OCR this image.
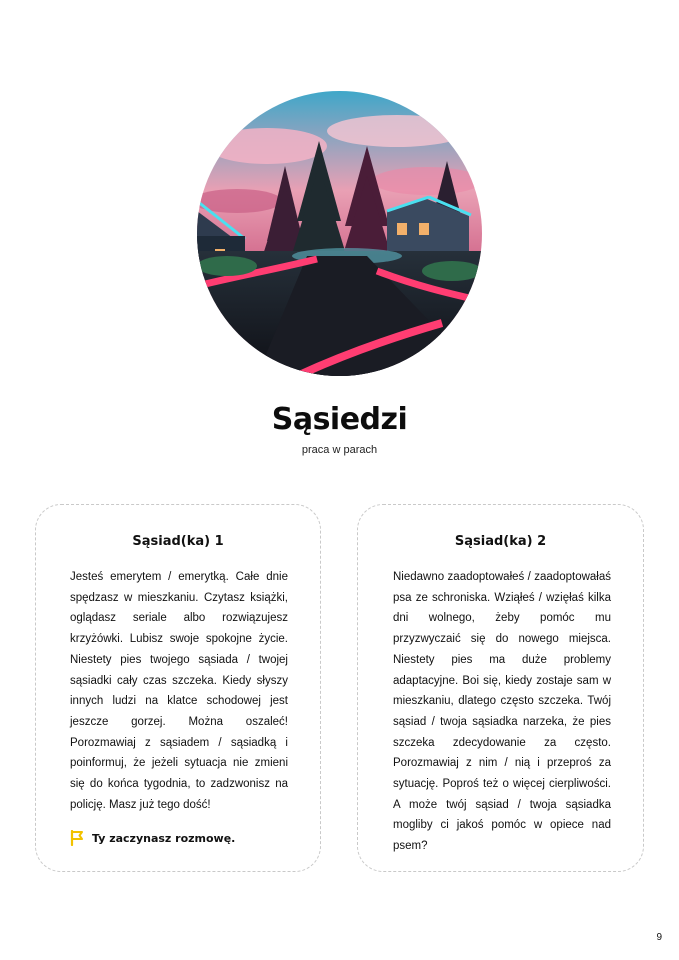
Sąsiedzi
praca w parach
Sąsiad(ka) 1
Jesteś emerytem / emerytką. Całe dnie spędzasz w mieszkaniu. Czytasz książki, oglądasz seriale albo rozwiązujesz krzyżówki. Lubisz swoje spokojne życie. Niestety pies twojego sąsiada / twojej sąsiadki cały czas szczeka. Kiedy słyszy innych ludzi na klatce schodowej jest jeszcze gorzej. Można oszaleć! Porozmawiaj z sąsiadem / sąsiadką i poinformuj, że jeżeli sytuacja nie zmieni się do końca tygodnia, to zadzwonisz na policję. Masz już tego dość!
Ty zaczynasz rozmowę.
Sąsiad(ka) 2
Niedawno zaadoptowałeś / zaadoptowałaś psa ze schroniska. Wziąłeś / wzięłaś kilka dni wolnego, żeby pomóc mu przyzwyczaić się do nowego miejsca. Niestety pies ma duże problemy adaptacyjne. Boi się, kiedy zostaje sam w mieszkaniu, dlatego często szczeka. Twój sąsiad / twoja sąsiadka narzeka, że pies szczeka zdecydowanie za często. Porozmawiaj z nim / nią i przeproś za sytuację. Poproś też o więcej cierpliwości. A może twój sąsiad / twoja sąsiadka mogliby ci jakoś pomóc w opiece nad psem?
9
